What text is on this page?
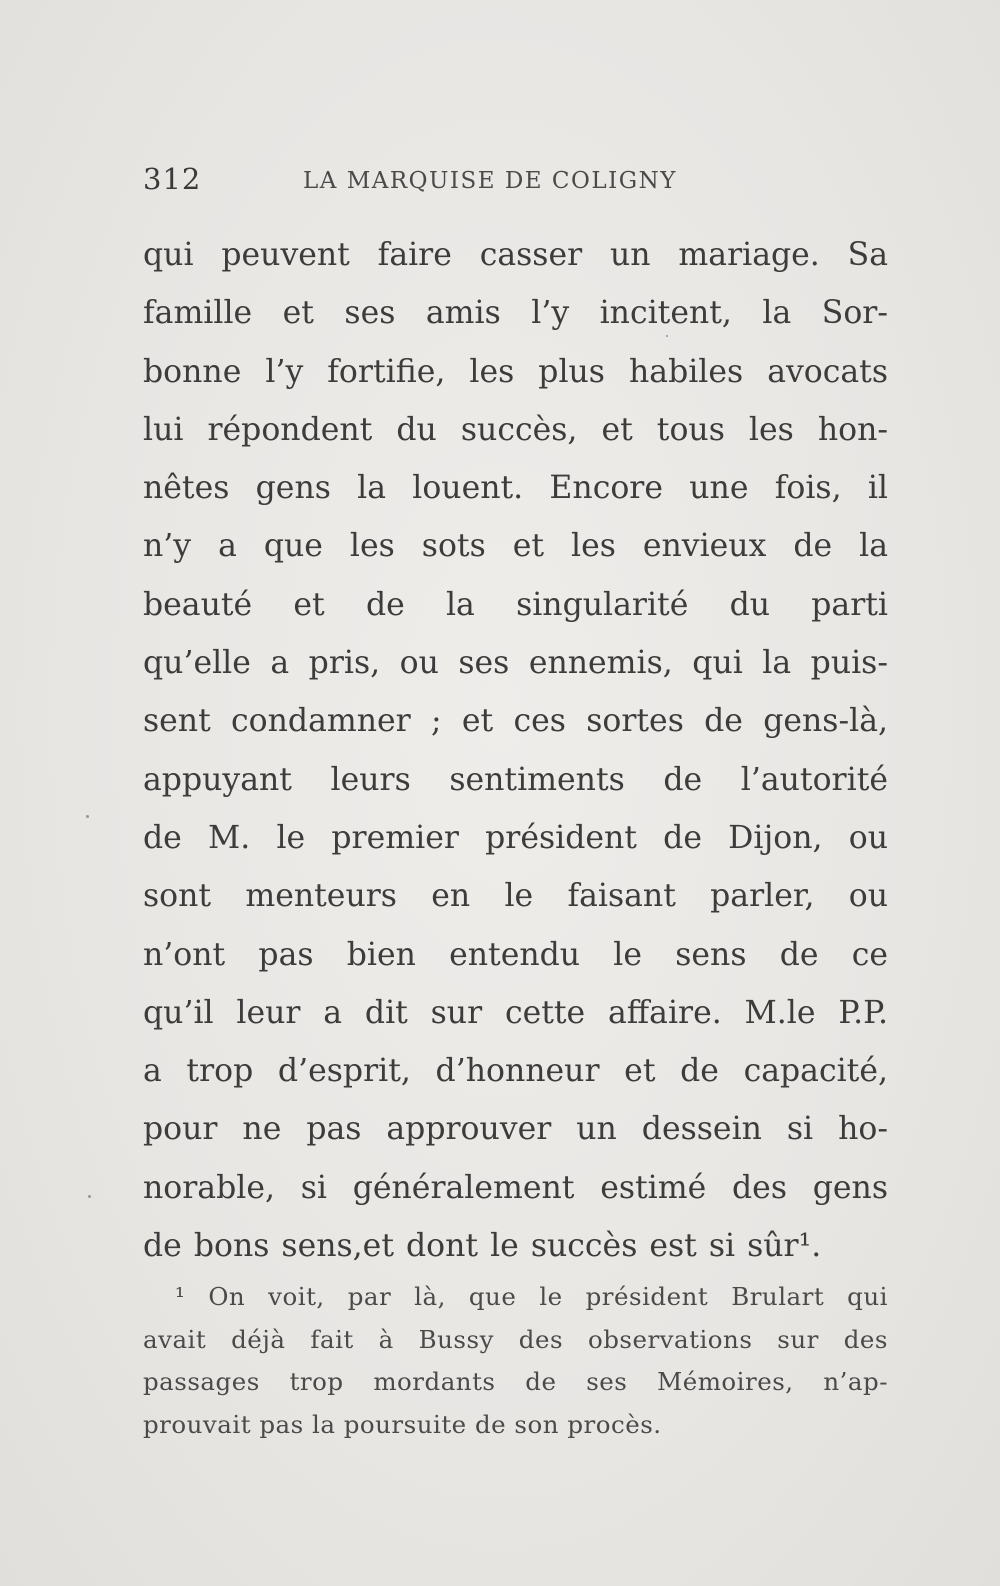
312	LA MARQUISE DE COLIGNY
qui peuvent faire casser un mariage. Sa
famille et ses amis l’y incitent, la Sor-
bonne l’y fortifie, les plus habiles avocats
lui répondent du succès, et tous les hon-
nêtes gens la louent. Encore une fois, il
n’y a que les sots et les envieux de la
beauté et de la singularité du parti
qu’elle a pris, ou ses ennemis, qui la puis-
sent condamner ; et ces sortes de gens-là,
appuyant leurs sentiments de l’autorité
de M. le premier président de Dijon, ou
sont menteurs en le faisant parler, ou
n’ont pas bien entendu le sens de ce
qu’il leur a dit sur cette affaire. M.le P.P.
a trop d’esprit, d’honneur et de capacité,
pour ne pas approuver un dessein si ho-
norable, si généralement estimé des gens
de bons sens,et dont le succès est si sûr¹.
¹ On voit, par là, que le président Brulart qui
avait déjà fait à Bussy des observations sur des
passages trop mordants de ses Mémoires, n’ap-
prouvait pas la poursuite de son procès.
